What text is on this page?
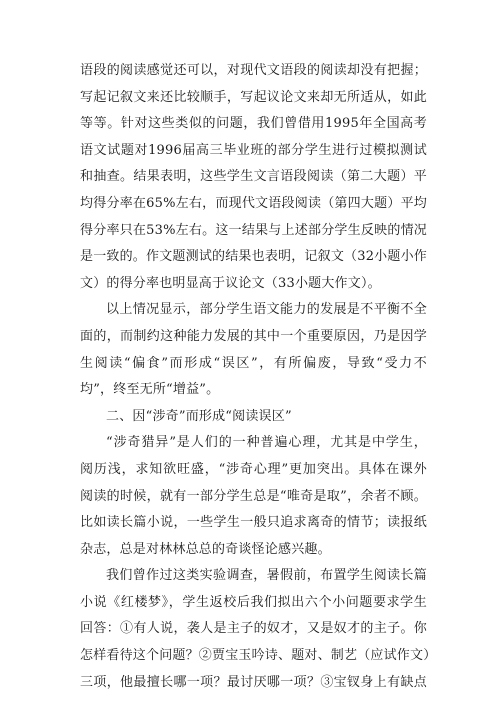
语段的阅读感觉还可以，对现代文语段的阅读却没有把握；
写起记叙文来还比较顺手，写起议论文来却无所适从，如此
等等。针对这些类似的问题，我们曾借用1995年全国高考
语文试题对1996届高三毕业班的部分学生进行过模拟测试
和抽查。结果表明，这些学生文言语段阅读（第二大题）平
均得分率在65%左右，而现代文语段阅读（第四大题）平均
得分率只在53%左右。这一结果与上述部分学生反映的情况
是一致的。作文题测试的结果也表明，记叙文（32小题小作
文）的得分率也明显高于议论文（33小题大作文）。
以上情况显示，部分学生语文能力的发展是不平衡不全
面的，而制约这种能力发展的其中一个重要原因，乃是因学
生阅读“偏食”而形成“误区”，有所偏废，导致“受力不
均”，终至无所“增益”。
二、因“涉奇”而形成“阅读误区”
“涉奇猎异”是人们的一种普遍心理，尤其是中学生，
阅历浅，求知欲旺盛，“涉奇心理”更加突出。具体在课外
阅读的时候，就有一部分学生总是“唯奇是取”，余者不顾。
比如读长篇小说，一些学生一般只追求离奇的情节；读报纸
杂志，总是对林林总总的奇谈怪论感兴趣。
我们曾作过这类实验调查，暑假前，布置学生阅读长篇
小说《红楼梦》，学生返校后我们拟出六个小问题要求学生
回答：①有人说，袭人是主子的奴才，又是奴才的主子。你
怎样看待这个问题？②贾宝玉吟诗、题对、制艺（应试作文）
三项，他最擅长哪一项？最讨厌哪一项？③宝钗身上有缺点
